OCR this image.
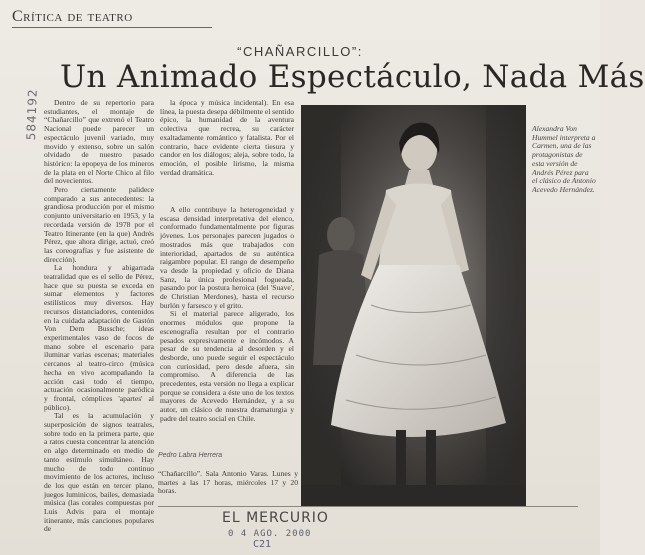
Crítica de teatro
584192
“CHAÑARCILLO”:
Un Animado Espectáculo, Nada Más

Dentro de su repertorio para estudiantes, el montaje de “Chañarcillo” que extrenó el Teatro Nacional puede parecer un espectáculo juvenil variado, muy movido y extenso, sobre un salón olvidado de nuestro pasado histórico: la epopeya de los mineros de la plata en el Norte Chico al filo del novecientos.

Pero ciertamente palidece comparado a sus antecedentes: la grandiosa producción por el mismo conjunto universitario en 1953, y la recordada versión de 1978 por el Teatro Itinerante (en la que) Andrés Pérez, que ahora dirige, actuó, creó las coreografías y fue asistente de dirección).

La hondura y abigarrada teatralidad que es el sello de Pérez, hace que su puesta se exceda en sumar elementos y factores estilísticos muy diversos. Hay recursos distanciadores, contenidos en la cuidada adaptación de Gastón Von Dem Bussche; ideas experimentales vaso de focos de mano sobre el escenario para iluminar varias escenas; materiales cercanos al teatro-circo (música hecha en vivo acompañando la acción casi todo el tiempo, actuación ocasionalmente paródica y frontal, cómplices 'apartes' al público).

Tal es la acumulación y superposición de signos teatrales, sobre todo en la primera parte, que a ratos cuesta concentrar la atención en algo determinado en medio de tanto estímulo simultáneo. Hay mucho de todo continuo movimiento de los actores, incluso de los que están en tercer plano, juegos luminicos, bailes, demasiada música (las corales compuestas por Luis Advis para el montaje itinerante, más canciones populares de

la época y música incidental). En esa línea, la puesta desepa débilmente el sentido épico, la humanidad de la aventura colectiva que recrea, su carácter exaltadamente romántico y fatalista. Por el contrario, hace evidente cierta tiesura y candor en los diálogos; aleja, sobre todo, la emoción, el posible lirismo, la misma verdad dramática.

A ello contribuye la heterogeneidad y escasa densidad interpretativa del elenco, conformado fundamentalmente por figuras jóvenes. Los personajes parecen jugados o mostrados más que trabajados con interioridad, apartados de su auténtica raigambre popular. El rango de desempeño va desde la propiedad y oficio de Diana Sanz, la única profesional fogueada, pasando por la postura heroica (del 'Suave', de Christian Merdones), hasta el recurso burlón y farsesco y el grito.

Si el material parece aligerado, los enormes módulos que propone la escenografía resultan por el contrario pesados expresivamente e incómodos. A pesar de su tendencia al desorden y el desborde, uno puede seguir el espectáculo con curiosidad, pero desde afuera, sin compromiso. A diferencia de las precedentes, esta versión no llega a explicar porque se considera a éste uno de los textos mayores de Acevedo Hernández, y a su autor, un clásico de nuestra dramaturgia y padre del teatro social en Chile.

Alexandra Von Hummel interpreta a Carmen, una de las protagonistas de esta versión de Andrés Pérez para el clásico de Antonio Acevedo Hernández.
Pedro Labra Herrera
“Chañarcillo”. Sala Antonio Varas. Lunes y martes a las 17 horas, miércoles 17 y 20 horas.
EL MERCURIO
0 4 AGO. 2000
C21
